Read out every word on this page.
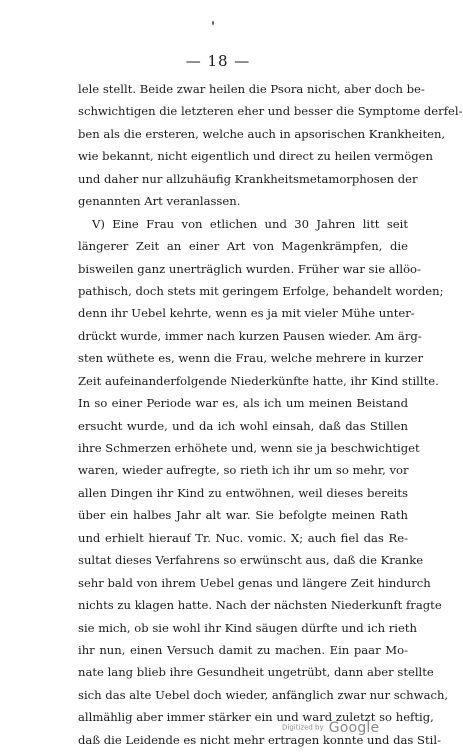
— 18 —
lele stellt. Beide zwar heilen die Psora nicht, aber doch be-
schwichtigen die letzteren eher und besser die Symptome derfel-
ben als die ersteren, welche auch in apsorischen Krankheiten,
wie bekannt, nicht eigentlich und direct zu heilen vermögen
und daher nur allzuhäufig Krankheitsmetamorphosen der
genannten Art veranlassen.
V) Eine Frau von etlichen und 30 Jahren litt seit
längerer Zeit an einer Art von Magenkrämpfen, die
bisweilen ganz unerträglich wurden. Früher war sie allöo-
pathisch, doch stets mit geringem Erfolge, behandelt worden;
denn ihr Uebel kehrte, wenn es ja mit vieler Mühe unter-
drückt wurde, immer nach kurzen Pausen wieder. Am ärg-
sten wüthete es, wenn die Frau, welche mehrere in kurzer
Zeit aufeinanderfolgende Niederkünfte hatte, ihr Kind stillte.
In so einer Periode war es, als ich um meinen Beistand
ersucht wurde, und da ich wohl einsah, daß das Stillen
ihre Schmerzen erhöhete und, wenn sie ja beschwichtiget
waren, wieder aufregte, so rieth ich ihr um so mehr, vor
allen Dingen ihr Kind zu entwöhnen, weil dieses bereits
über ein halbes Jahr alt war. Sie befolgte meinen Rath
und erhielt hierauf Tr. Nuc. vomic. X; auch fiel das Re-
sultat dieses Verfahrens so erwünscht aus, daß die Kranke
sehr bald von ihrem Uebel genas und längere Zeit hindurch
nichts zu klagen hatte. Nach der nächsten Niederkunft fragte
sie mich, ob sie wohl ihr Kind säugen dürfte und ich rieth
ihr nun, einen Versuch damit zu machen. Ein paar Mo-
nate lang blieb ihre Gesundheit ungetrübt, dann aber stellte
sich das alte Uebel doch wieder, anfänglich zwar nur schwach,
allmählig aber immer stärker ein und ward zuletzt so heftig,
daß die Leidende es nicht mehr ertragen konnte und das Stil-
Digitized by Google
